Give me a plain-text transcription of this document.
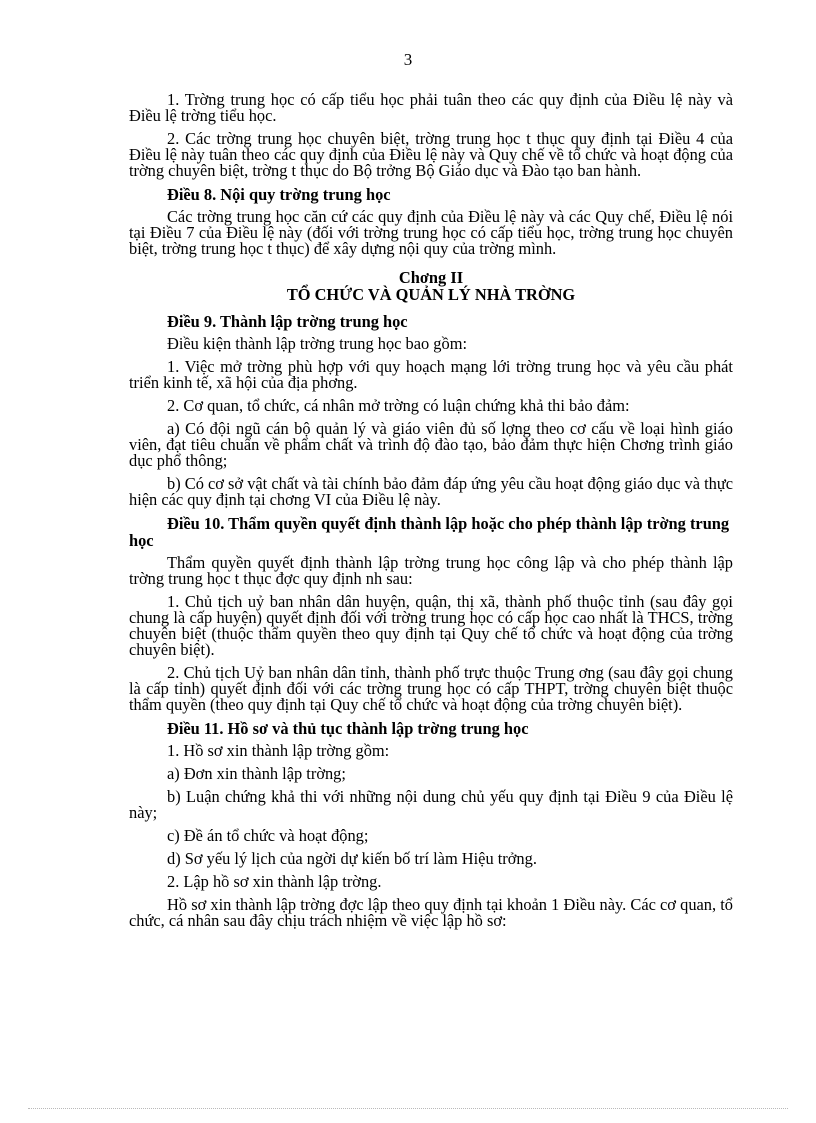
3

1. Trờng trung học có cấp tiểu học phải tuân theo các quy định của Điều lệ này và Điều lệ trờng tiểu học.

2. Các trờng trung học chuyên biệt, trờng trung học t thục quy định tại Điều 4 của Điều lệ này tuân theo các quy định của Điều lệ này và Quy chế về tổ chức và hoạt động của trờng chuyên biệt, trờng t thục do Bộ trởng Bộ Giáo dục và Đào tạo ban hành.

Điều 8. Nội quy trờng trung học

Các trờng trung học căn cứ các quy định của Điều lệ này và các Quy chế, Điều lệ nói tại Điều 7 của Điều lệ này (đối với trờng trung học có cấp tiểu học, trờng trung học chuyên biệt, trờng trung học t thục) để xây dựng nội quy của trờng mình.

Chơng II
TỔ CHỨC VÀ QUẢN LÝ NHÀ TRỜNG
Điều 9. Thành lập trờng trung học

Điều kiện thành lập trờng trung học bao gồm:

1. Việc mở trờng phù hợp với quy hoạch mạng lới trờng trung học và yêu cầu phát triển kinh tế, xã hội của địa phơng.

2. Cơ quan, tổ chức, cá nhân mở trờng có luận chứng khả thi bảo đảm:

a) Có đội ngũ cán bộ quản lý và giáo viên đủ số lợng theo cơ cấu về loại hình giáo viên, đạt tiêu chuẩn về phẩm chất và trình độ đào tạo, bảo đảm thực hiện Chơng trình giáo dục phổ thông;

b) Có cơ sở vật chất và tài chính bảo đảm đáp ứng yêu cầu hoạt động giáo dục và thực hiện các quy định tại chơng VI của Điều lệ này.

Điều 10. Thẩm quyền quyết định thành lập hoặc cho phép thành lập trờng trung học

Thẩm quyền quyết định thành lập trờng trung học công lập và cho phép thành lập trờng trung học t thục đợc quy định nh sau:

1. Chủ tịch uỷ ban nhân dân huyện, quận, thị xã, thành phố thuộc tỉnh (sau đây gọi chung là cấp huyện) quyết định đối với trờng trung học có cấp học cao nhất là THCS, trờng chuyên biệt (thuộc thẩm quyền theo quy định tại Quy chế tổ chức và hoạt động của trờng chuyên biệt).

2. Chủ tịch Uỷ ban nhân dân tỉnh, thành phố trực thuộc Trung ơng (sau đây gọi chung là cấp tỉnh) quyết định đối với các trờng trung học có cấp THPT, trờng chuyên biệt thuộc thẩm quyền (theo quy định tại Quy chế tổ chức và hoạt động của trờng chuyên biệt).

Điều 11. Hồ sơ và thủ tục thành lập trờng trung học

1. Hồ sơ xin thành lập trờng gồm:

a) Đơn xin thành lập trờng;

b) Luận chứng khả thi với những nội dung chủ yếu quy định tại Điều 9 của Điều lệ này;

c) Đề án tổ chức và hoạt động;

d) Sơ yếu lý lịch của ngời dự kiến bố trí làm Hiệu trởng.

2. Lập hồ sơ xin thành lập trờng.

Hồ sơ xin thành lập trờng đợc lập theo quy định tại khoản 1 Điều này. Các cơ quan, tổ chức, cá nhân sau đây chịu trách nhiệm về việc lập hồ sơ:
